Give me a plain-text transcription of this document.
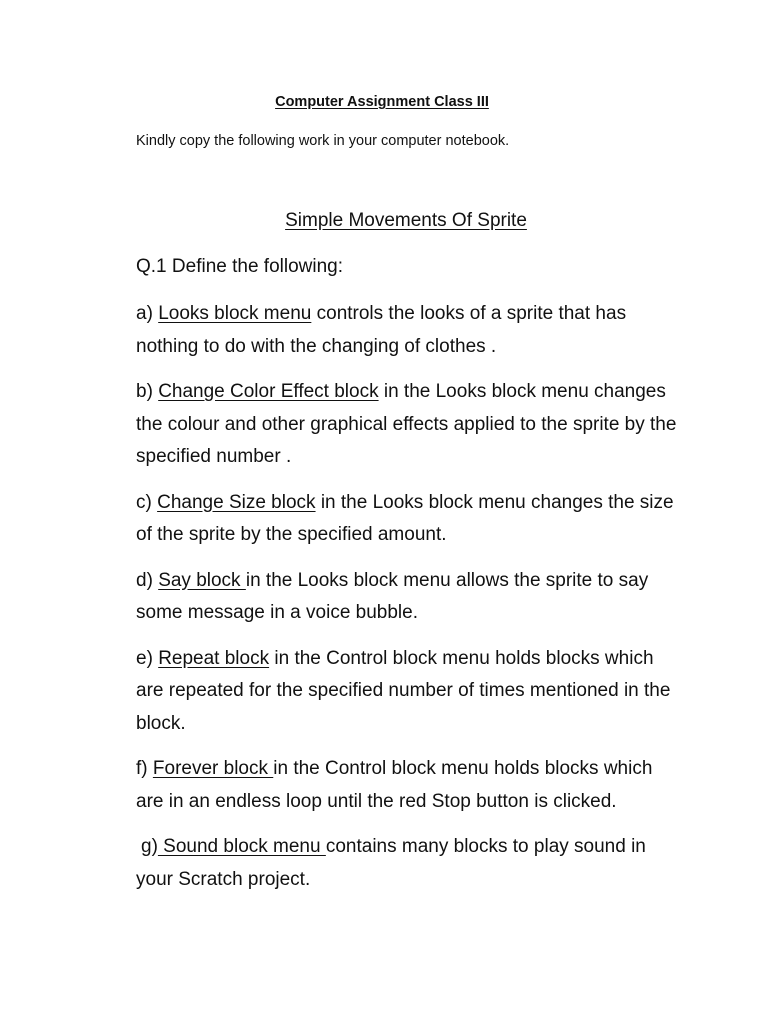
Computer Assignment Class III

Kindly copy the following work in your computer notebook.

Simple Movements Of Sprite

Q.1 Define the following:

a) Looks block menu controls the looks of a sprite that has nothing to do with the changing of clothes .
b) Change Color Effect block in the Looks block menu changes the colour and other graphical effects applied to the sprite by the specified number .
c) Change Size block in the Looks block menu changes the size of the sprite by the specified amount.
d) Say block in the Looks block menu allows the sprite to say some message in a voice bubble.
e) Repeat block in the Control block menu holds blocks which are repeated for the specified number of times mentioned in the block.
f) Forever block in the Control block menu holds blocks which are in an endless loop until the red Stop button is clicked.
g) Sound block menu contains many blocks to play sound in your Scratch project.
